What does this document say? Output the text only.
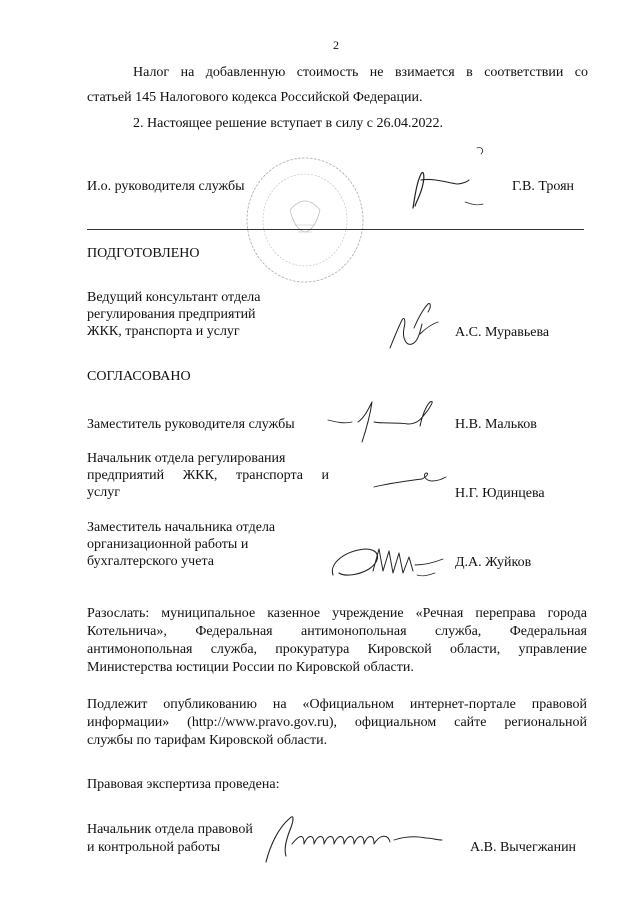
2
Налог на добавленную стоимость не взимается в соответствии со
статьей 145 Налогового кодекса Российской Федерации.
2. Настоящее решение вступает в силу с 26.04.2022.
И.о. руководителя службы	Г.В. Троян
ПОДГОТОВЛЕНО
Ведущий консультант отдела
регулирования предприятий
ЖКК, транспорта и услуг	А.С. Муравьева
СОГЛАСОВАНО
Заместитель руководителя службы	Н.В. Мальков
Начальник отдела регулирования
предприятий ЖКК, транспорта и
услуг	Н.Г. Юдинцева
Заместитель начальника отдела
организационной работы и
бухгалтерского учета	Д.А. Жуйков
Разослать: муниципальное казенное учреждение «Речная переправа города
Котельнича», Федеральная антимонопольная служба, Федеральная
антимонопольная служба, прокуратура Кировской области, управление
Министерства юстиции России по Кировской области.
Подлежит опубликованию на «Официальном интернет-портале правовой
информации» (http://www.pravo.gov.ru), официальном сайте региональной
службы по тарифам Кировской области.
Правовая экспертиза проведена:
Начальник отдела правовой
и контрольной работы	А.В. Вычегжанин
